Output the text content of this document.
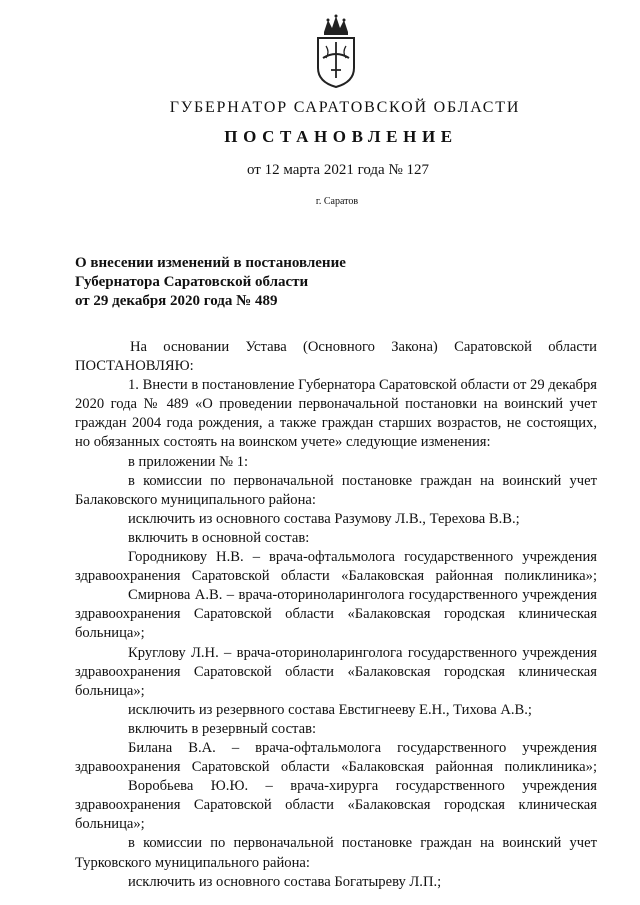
ГУБЕРНАТОР САРАТОВСКОЙ ОБЛАСТИ
ПОСТАНОВЛЕНИЕ
от 12 марта 2021 года № 127
г. Саратов
О внесении изменений в постановление
Губернатора Саратовской области
от 29 декабря 2020 года № 489
На основании Устава (Основного Закона) Саратовской области
ПОСТАНОВЛЯЮ:
1. Внести в постановление Губернатора Саратовской области от 29 декабря
2020 года № 489 «О проведении первоначальной постановки на воинский учет
граждан 2004 года рождения, а также граждан старших возрастов, не состоящих,
но обязанных состоять на воинском учете» следующие изменения:
в приложении № 1:
в комиссии по первоначальной постановке граждан на воинский учет
Балаковского муниципального района:
исключить из основного состава Разумову Л.В., Терехова В.В.;
включить в основной состав:
Городникову Н.В. – врача-офтальмолога государственного учреждения
здравоохранения Саратовской области «Балаковская районная поликлиника»;
Смирнова А.В. – врача-оториноларинголога государственного учреждения
здравоохранения Саратовской области «Балаковская городская клиническая
больница»;
Круглову Л.Н. – врача-оториноларинголога государственного учреждения
здравоохранения Саратовской области «Балаковская городская клиническая
больница»;
исключить из резервного состава Евстигнееву Е.Н., Тихова А.В.;
включить в резервный состав:
Билана В.А. – врача-офтальмолога государственного учреждения
здравоохранения Саратовской области «Балаковская районная поликлиника»;
Воробьева Ю.Ю. – врача-хирурга государственного учреждения
здравоохранения Саратовской области «Балаковская городская клиническая
больница»;
в комиссии по первоначальной постановке граждан на воинский учет
Турковского муниципального района:
исключить из основного состава Богатыреву Л.П.;
